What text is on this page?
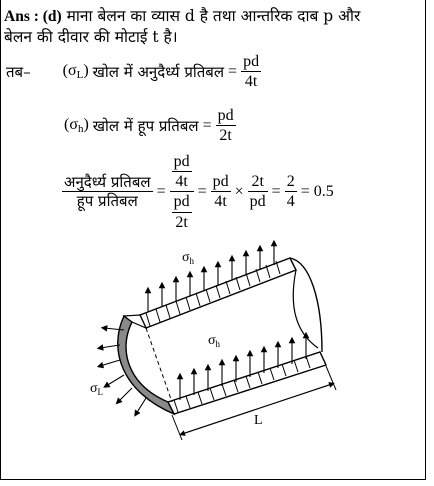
Ans : (d) माना बेलन का व्यास d है तथा आन्तरिक दाब p और
बेलन की दीवार की मोटाई t है।
तब– $(\sigma_L)$ खोल में अनुदैर्ध्य प्रतिबल = $\frac{pd}{4t}$
$(\sigma_h)$ खोल में हूप प्रतिबल = $\frac{pd}{2t}$
$\frac{\text{अनुदैर्ध्य प्रतिबल}}{\text{हूप प्रतिबल}} = \frac{\frac{pd}{4t}}{\frac{pd}{2t}} = \frac{pd}{4t} \times \frac{2t}{pd} = \frac{2}{4} = 0.5$
$\sigma_h$
$\sigma_h$
$\sigma_L$
L
